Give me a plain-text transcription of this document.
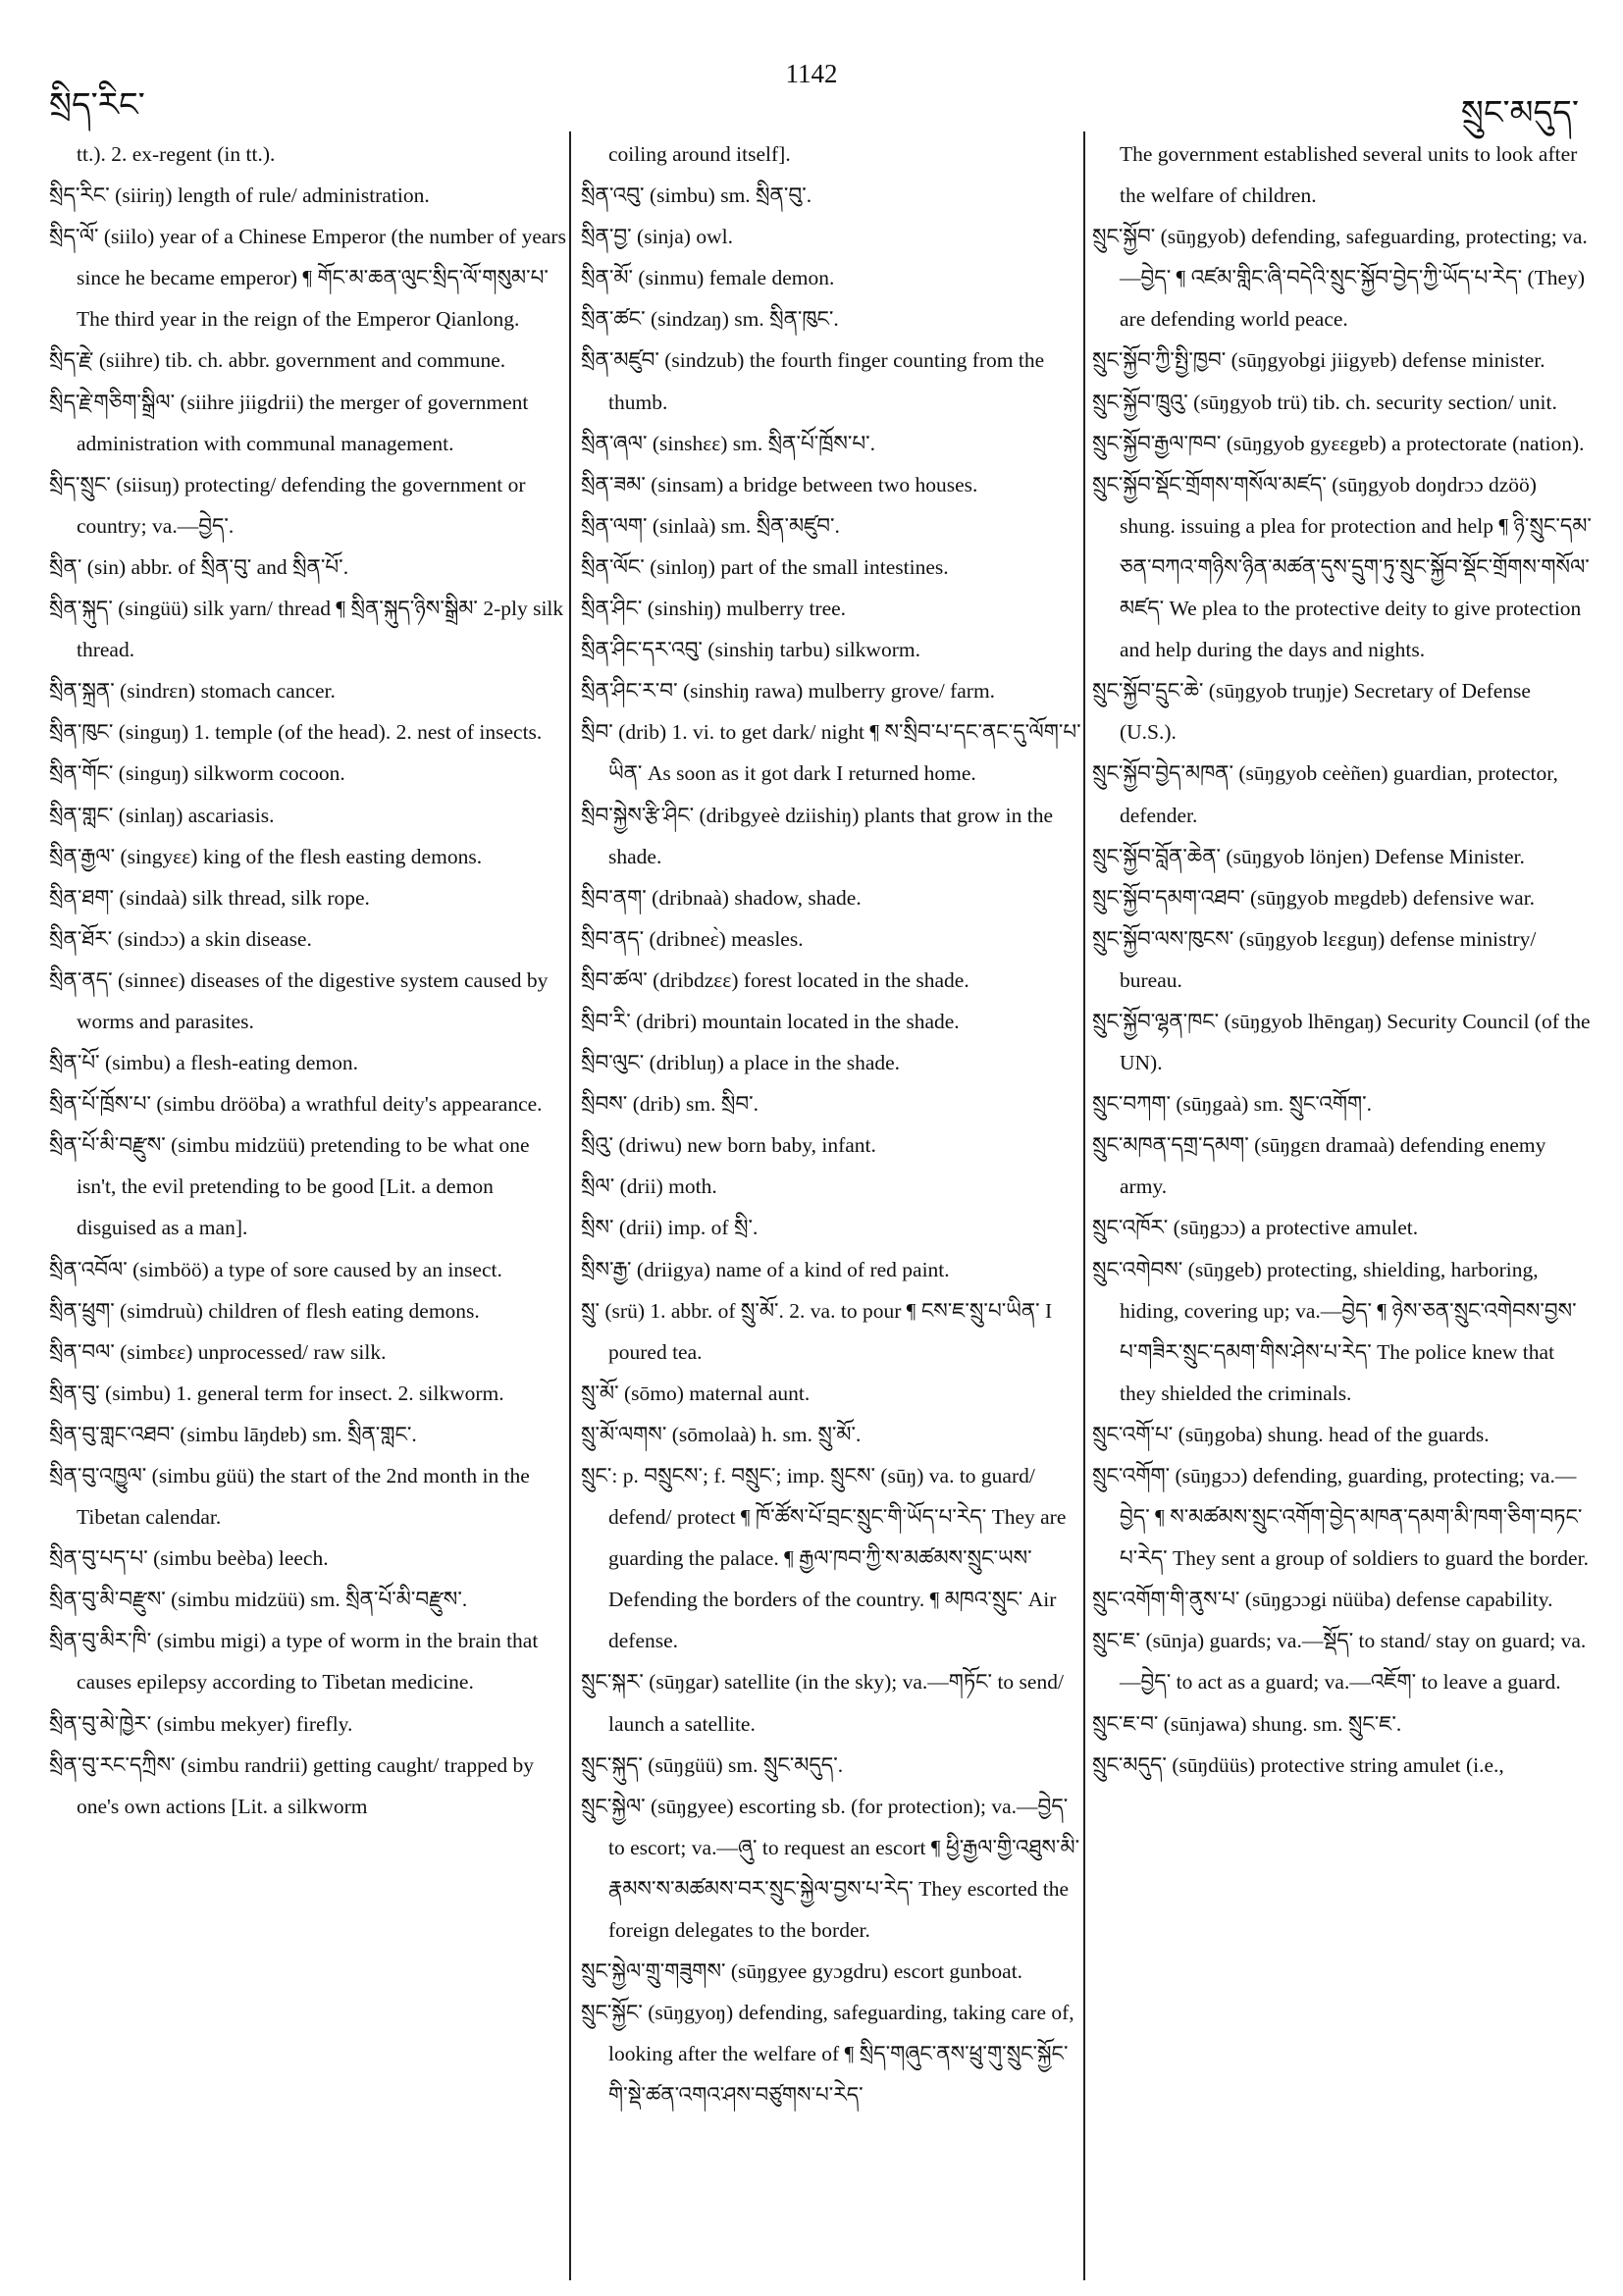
སྲིད་རིང་
1142
སྲུང་མདུད་
tt.). 2. ex-regent (in tt.).
སྲིད་རིང་ (siiriŋ) length of rule/ administration.
སྲིད་ལོ་ (siilo) year of a Chinese Emperor (the number of years since he became emperor) ¶ གོང་མ་ཆན་ལུང་སྲིད་ལོ་གསུམ་པ་ The third year in the reign of the Emperor Qianlong.
སྲིད་རྗེ་ (siihre) tib. ch. abbr. government and commune.
སྲིད་རྗེ་གཅིག་སྒྲིལ་ (siihre jiigdrii) the merger of government administration with communal management.
སྲིད་སྲུང་ (siisuŋ) protecting/ defending the government or country; va.—བྱེད་.
སྲིན་ (sin) abbr. of སྲིན་བུ་ and སྲིན་པོ་.
སྲིན་སྐུད་ (singüü) silk yarn/ thread ¶ སྲིན་སྐུད་ཉིས་སྒྲིམ་ 2-ply silk thread.
སྲིན་སྐྲན་ (sindrɛn) stomach cancer.
སྲིན་ཁུང་ (singuŋ) 1. temple (of the head). 2. nest of insects.
སྲིན་གོང་ (singuŋ) silkworm cocoon.
སྲིན་གླང་ (sinlaŋ) ascariasis.
སྲིན་རྒྱལ་ (singyɛɛ) king of the flesh easting demons.
སྲིན་ཐག་ (sindaà) silk thread, silk rope.
སྲིན་ཐོར་ (sindɔɔ) a skin disease.
སྲིན་ནད་ (sinneɛ) diseases of the digestive system caused by worms and parasites.
སྲིན་པོ་ (simbu) a flesh-eating demon.
སྲིན་པོ་ཁྲོས་པ་ (simbu drööba) a wrathful deity's appearance.
སྲིན་པོ་མི་བརྫུས་ (simbu midzüü) pretending to be what one isn't, the evil pretending to be good [Lit. a demon disguised as a man].
སྲིན་འབོལ་ (simböö) a type of sore caused by an insect.
སྲིན་ཕྲུག་ (simdruù) children of flesh eating demons.
སྲིན་བལ་ (simbɛɛ) unprocessed/ raw silk.
སྲིན་བུ་ (simbu) 1. general term for insect. 2. silkworm.
སྲིན་བུ་གླང་འཐབ་ (simbu lāŋdɐb) sm. སྲིན་གླང་.
སྲིན་བུ་འཁྱུལ་ (simbu güü) the start of the 2nd month in the Tibetan calendar.
སྲིན་བུ་པད་པ་ (simbu beèba) leech.
སྲིན་བུ་མི་བརྫུས་ (simbu midzüü) sm. སྲིན་པོ་མི་བརྫུས་.
སྲིན་བུ་མིར་ཁི་ (simbu migi) a type of worm in the brain that causes epilepsy according to Tibetan medicine.
སྲིན་བུ་མེ་ཁྱེར་ (simbu mekyer) firefly.
སྲིན་བུ་རང་དཀྲིས་ (simbu randrii) getting caught/ trapped by one's own actions [Lit. a silkworm
coiling around itself].
སྲིན་འབུ་ (simbu) sm. སྲིན་བུ་.
སྲིན་བྱ་ (sinja) owl.
སྲིན་མོ་ (sinmu) female demon.
སྲིན་ཚང་ (sindzaŋ) sm. སྲིན་ཁུང་.
སྲིན་མཛུབ་ (sindzub) the fourth finger counting from the thumb.
སྲིན་ཞལ་ (sinshɛɛ) sm. སྲིན་པོ་ཁྲོས་པ་.
སྲིན་ཟམ་ (sinsam) a bridge between two houses.
སྲིན་ལག་ (sinlaà) sm. སྲིན་མཛུབ་.
སྲིན་ལོང་ (sinloŋ) part of the small intestines.
སྲིན་ཤིང་ (sinshiŋ) mulberry tree.
སྲིན་ཤིང་དར་འབུ་ (sinshiŋ tarbu) silkworm.
སྲིན་ཤིང་ར་བ་ (sinshiŋ rawa) mulberry grove/ farm.
སྲིབ་ (drib) 1. vi. to get dark/ night ¶ ས་སྲིབ་པ་དང་ནང་དུ་ལོག་པ་ཡིན་ As soon as it got dark I returned home.
སྲིབ་སྐྱེས་རྩི་ཤིང་ (dribgyeè dziishiŋ) plants that grow in the shade.
སྲིབ་ནག་ (dribnaà) shadow, shade.
སྲིབ་ནད་ (dribneɛ̀) measles.
སྲིབ་ཚལ་ (dribdzɛɛ) forest located in the shade.
སྲིབ་རི་ (dribri) mountain located in the shade.
སྲིབ་ལུང་ (dribluŋ) a place in the shade.
སྲིབས་ (drib) sm. སྲིབ་.
སྲིའུ་ (driwu) new born baby, infant.
སྲིལ་ (drii) moth.
སྲིས་ (drii) imp. of སྲི་.
སྲིས་རྒྱ་ (driigya) name of a kind of red paint.
སྲུ་ (srü) 1. abbr. of སྲུ་མོ་. 2. va. to pour ¶ ངས་ཇ་སྲུ་པ་ཡིན་ I poured tea.
སྲུ་མོ་ (sōmo) maternal aunt.
སྲུ་མོ་ལགས་ (sōmolaà) h. sm. སྲུ་མོ་.
སྲུང་: p. བསྲུངས་; f. བསྲུང་; imp. སྲུངས་ (sūŋ) va. to guard/ defend/ protect ¶ ཁོ་ཚོས་པོ་བྲང་སྲུང་གི་ཡོད་པ་རེད་ They are guarding the palace. ¶ རྒྱལ་ཁབ་ཀྱི་ས་མཚམས་སྲུང་ཡས་ Defending the borders of the country. ¶ མཁའ་སྲུང་ Air defense.
སྲུང་སྐར་ (sūŋgar) satellite (in the sky); va.—གཏོང་ to send/ launch a satellite.
སྲུང་སྐུད་ (sūŋgüü) sm. སྲུང་མདུད་.
སྲུང་སྐྱེལ་ (sūŋgyee) escorting sb. (for protection); va.—བྱེད་ to escort; va.—ཞུ་ to request an escort ¶ ཕྱི་རྒྱལ་གྱི་འཐུས་མི་ རྣམས་ས་མཚམས་བར་སྲུང་སྐྱེལ་བྱས་པ་རེད་ They escorted the foreign delegates to the border.
སྲུང་སྐྱེལ་གྲུ་གཟུགས་ (sūŋgyee gyɔgdru) escort gunboat.
སྲུང་སྐྱོང་ (sūŋgyoŋ) defending, safeguarding, taking care of, looking after the welfare of ¶ སྲིད་གཞུང་ནས་ཕྲུ་གུ་སྲུང་སྐྱོང་གི་སྡེ་ཚན་འགའ་ཤས་བཙུགས་པ་རེད་
The government established several units to look after the welfare of children.
སྲུང་སྐྱོབ་ (sūŋgyob) defending, safeguarding, protecting; va.—བྱེད་ ¶ འཛམ་གླིང་ཞི་བདེའི་སྲུང་སྐྱོབ་བྱེད་ཀྱི་ཡོད་པ་རེད་ (They) are defending world peace.
སྲུང་སྐྱོབ་ཀྱི་སྤྱི་ཁྱབ་ (sūŋgyobgi jiigyɐb) defense minister.
སྲུང་སྐྱོབ་ཁྲུའུ་ (sūŋgyob trü) tib. ch. security section/ unit.
སྲུང་སྐྱོབ་རྒྱལ་ཁབ་ (sūŋgyob gyɛɛgɐb) a protectorate (nation).
སྲུང་སྐྱོབ་སྡོང་གྲོགས་གསོལ་མཛད་ (sūŋgyob doŋdrɔɔ dzöö) shung. issuing a plea for protection and help ¶ ཉི་སྲུང་དམ་ཅན་བཀའ་གཉིས་ཉིན་མཚན་དུས་དྲུག་ཏུ་སྲུང་སྐྱོབ་སྡོང་གྲོགས་གསོལ་མཛད་ We plea to the protective deity to give protection and help during the days and nights.
སྲུང་སྐྱོབ་དྲུང་ཆེ་ (sūŋgyob truŋje) Secretary of Defense (U.S.).
སྲུང་སྐྱོབ་བྱེད་མཁན་ (sūŋgyob ceèñen) guardian, protector, defender.
སྲུང་སྐྱོབ་བློན་ཆེན་ (sūŋgyob lönjen) Defense Minister.
སྲུང་སྐྱོབ་དམག་འཐབ་ (sūŋgyob mɐgdɐb) defensive war.
སྲུང་སྐྱོབ་ལས་ཁུངས་ (sūŋgyob lɛɛguŋ) defense ministry/ bureau.
སྲུང་སྐྱོབ་ལྷན་ཁང་ (sūŋgyob lhēngaŋ) Security Council (of the UN).
སྲུང་བཀག་ (sūŋgaà) sm. སྲུང་འགོག་.
སྲུང་མཁན་དགྲ་དམག་ (sūŋgɛn dramaà) defending enemy army.
སྲུང་འཁོར་ (sūŋgɔɔ) a protective amulet.
སྲུང་འགེབས་ (sūŋgeb) protecting, shielding, harboring, hiding, covering up; va.—བྱེད་ ¶ ཉེས་ཅན་སྲུང་འགེབས་བྱས་པ་གཟིར་སྲུང་དམག་གིས་ཤེས་པ་རེད་ The police knew that they shielded the criminals.
སྲུང་འགོ་པ་ (sūŋgoba) shung. head of the guards.
སྲུང་འགོག་ (sūŋgɔɔ) defending, guarding, protecting; va.—བྱེད་ ¶ ས་མཚམས་སྲུང་འགོག་བྱེད་མཁན་དམག་མི་ཁག་ཅིག་བཏང་པ་རེད་ They sent a group of soldiers to guard the border.
སྲུང་འགོག་གི་ནུས་པ་ (sūŋgɔɔgi nüüba) defense capability.
སྲུང་ཇ་ (sūnja) guards; va.—སྡོད་ to stand/ stay on guard; va.—བྱེད་ to act as a guard; va.—འཇོག་ to leave a guard.
སྲུང་ཇ་བ་ (sūnjawa) shung. sm. སྲུང་ཇ་.
སྲུང་མདུད་ (sūŋdüüs) protective string amulet (i.e.,
